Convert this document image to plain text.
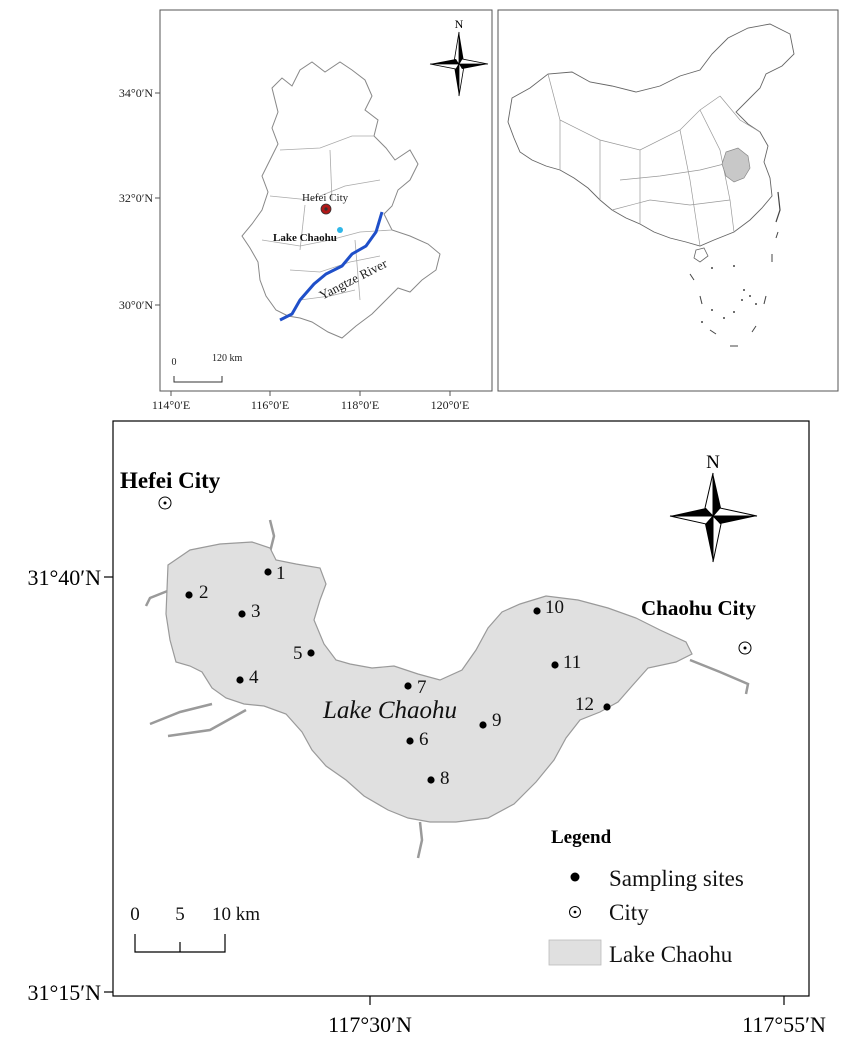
Hefei City
Lake Chaohu
Yangtze River
N
0	120 km
34°0′N
32°0′N
30°0′N
114°0′E	116°0′E	118°0′E	120°0′E
Lake Chaohu
1
2
3
4
5
6
7
8
9
10
11
12
Hefei City
Chaohu City
N
0 5 10 km
Legend
Sampling sites
City
Lake Chaohu
31°40′N
31°15′N
117°30′N	117°55′N
